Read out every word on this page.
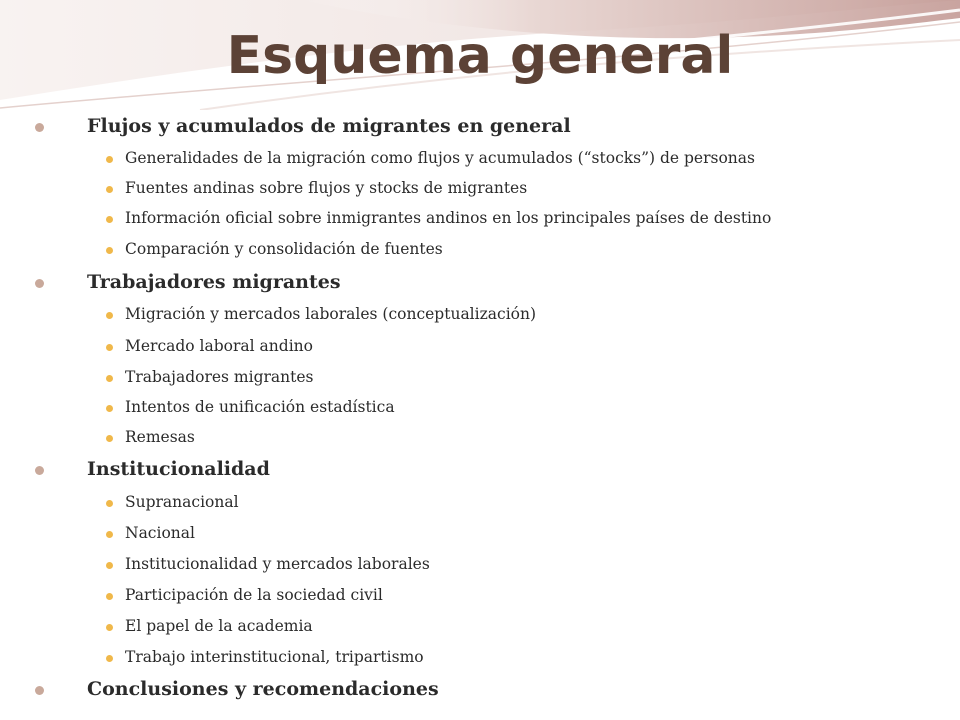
Esquema general
Flujos y acumulados de migrantes en general
Generalidades de la migración como flujos y acumulados (“stocks”) de personas
Fuentes andinas sobre flujos y stocks de migrantes
Información oficial sobre inmigrantes andinos en los principales países de destino
Comparación y consolidación de fuentes
Trabajadores migrantes
Migración y mercados laborales (conceptualización)
Mercado laboral andino
Trabajadores migrantes
Intentos de unificación estadística
Remesas
Institucionalidad
Supranacional
Nacional
Institucionalidad y mercados laborales
Participación de la sociedad civil
El papel de la academia
Trabajo interinstitucional, tripartismo
Conclusiones y recomendaciones
